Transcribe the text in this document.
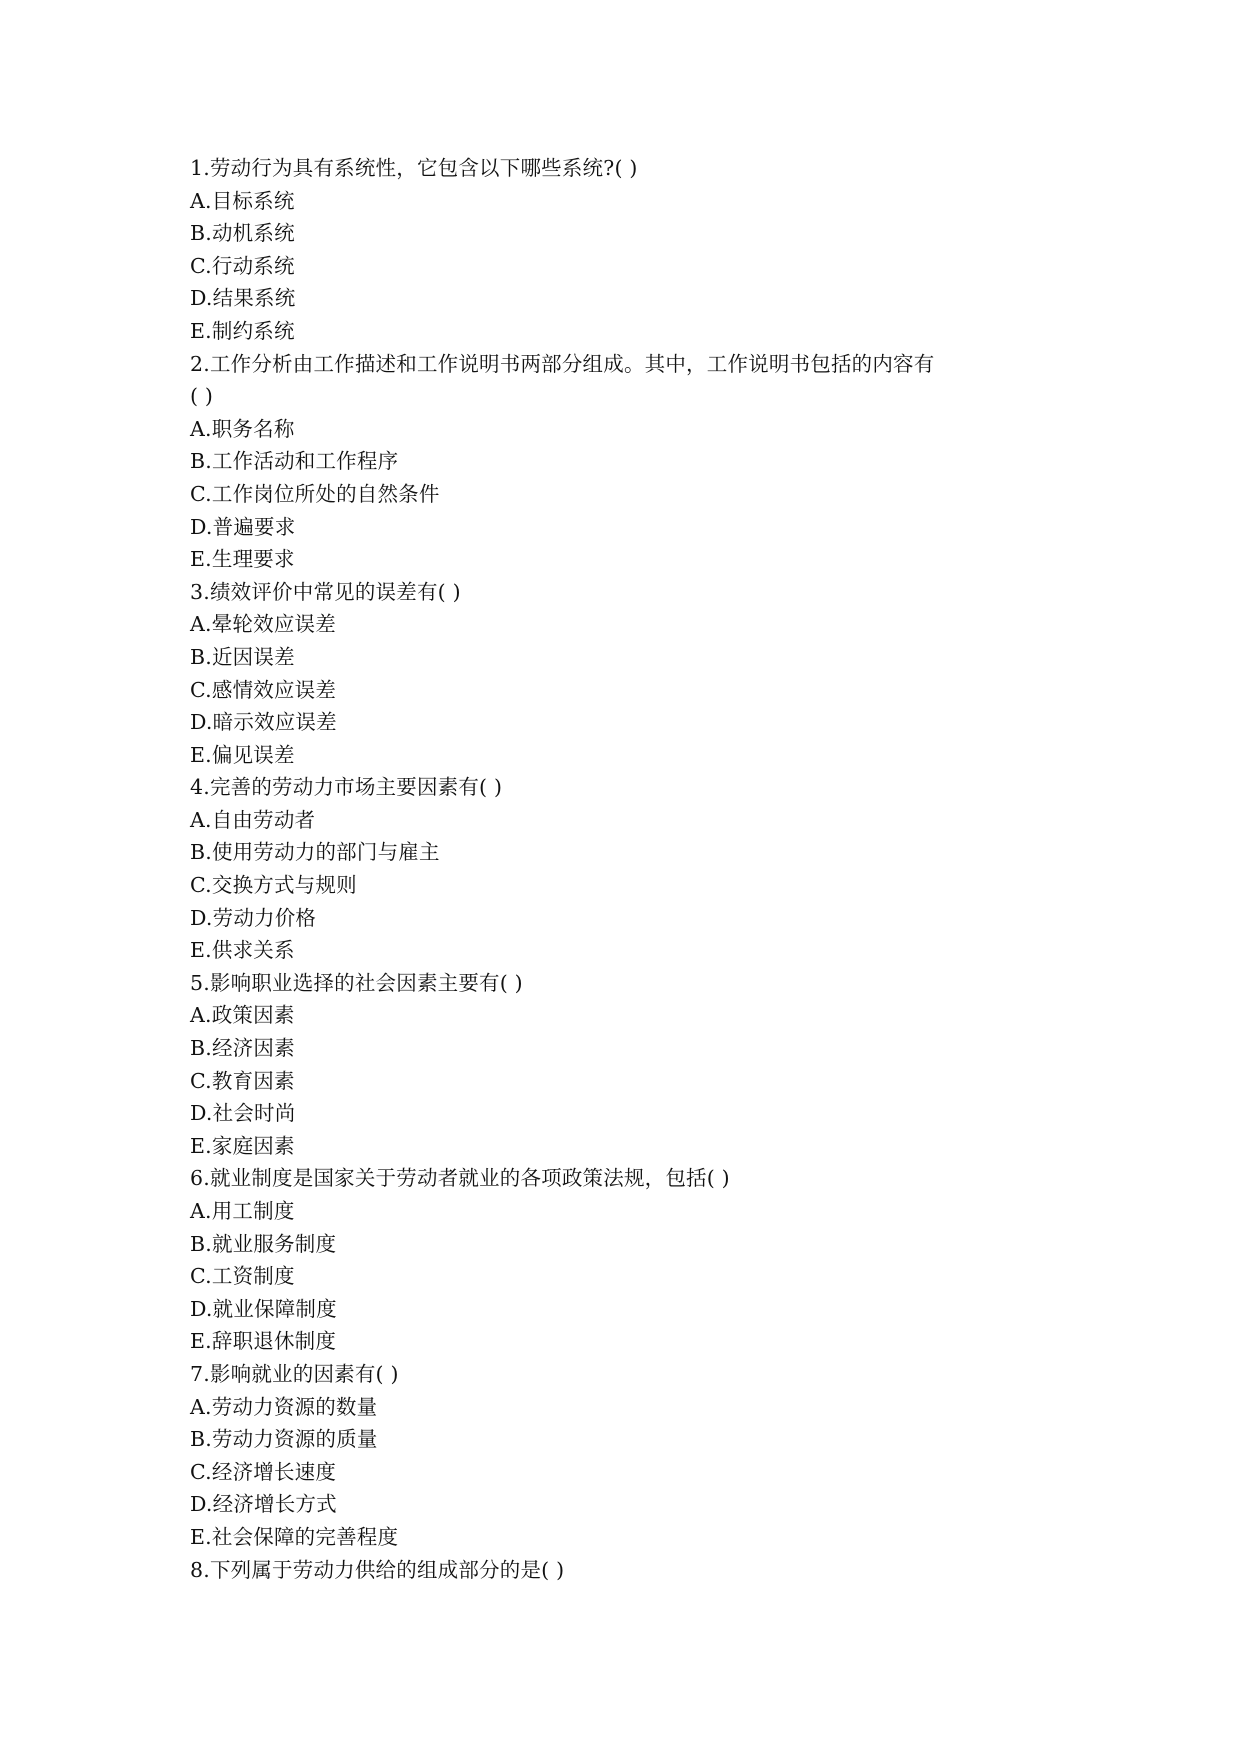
1.劳动行为具有系统性，它包含以下哪些系统?( )
A.目标系统
B.动机系统
C.行动系统
D.结果系统
E.制约系统
2.工作分析由工作描述和工作说明书两部分组成。其中，工作说明书包括的内容有
( )
A.职务名称
B.工作活动和工作程序
C.工作岗位所处的自然条件
D.普遍要求
E.生理要求
3.绩效评价中常见的误差有( )
A.晕轮效应误差
B.近因误差
C.感情效应误差
D.暗示效应误差
E.偏见误差
4.完善的劳动力市场主要因素有( )
A.自由劳动者
B.使用劳动力的部门与雇主
C.交换方式与规则
D.劳动力价格
E.供求关系
5.影响职业选择的社会因素主要有( )
A.政策因素
B.经济因素
C.教育因素
D.社会时尚
E.家庭因素
6.就业制度是国家关于劳动者就业的各项政策法规，包括( )
A.用工制度
B.就业服务制度
C.工资制度
D.就业保障制度
E.辞职退休制度
7.影响就业的因素有( )
A.劳动力资源的数量
B.劳动力资源的质量
C.经济增长速度
D.经济增长方式
E.社会保障的完善程度
8.下列属于劳动力供给的组成部分的是( )
